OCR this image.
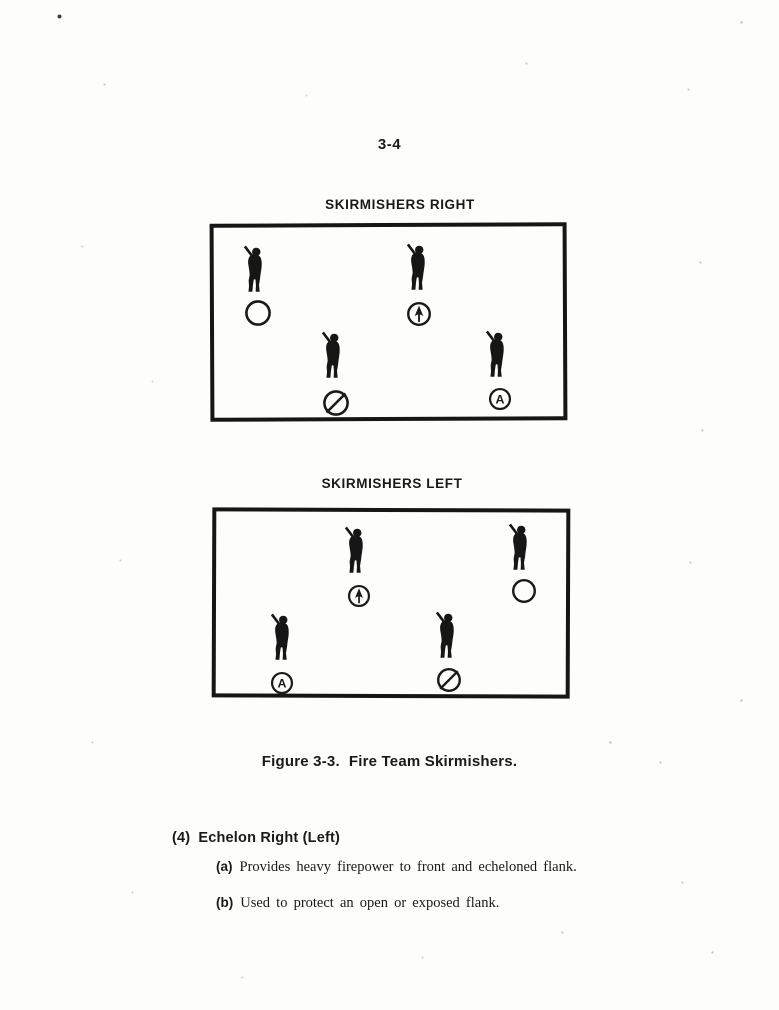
3-4
SKIRMISHERS RIGHT
SKIRMISHERS LEFT
A
A
Figure 3-3. Fire Team Skirmishers.
(4) Echelon Right (Left)
(a) Provides heavy firepower to front and echeloned flank.
(b) Used to protect an open or exposed flank.
